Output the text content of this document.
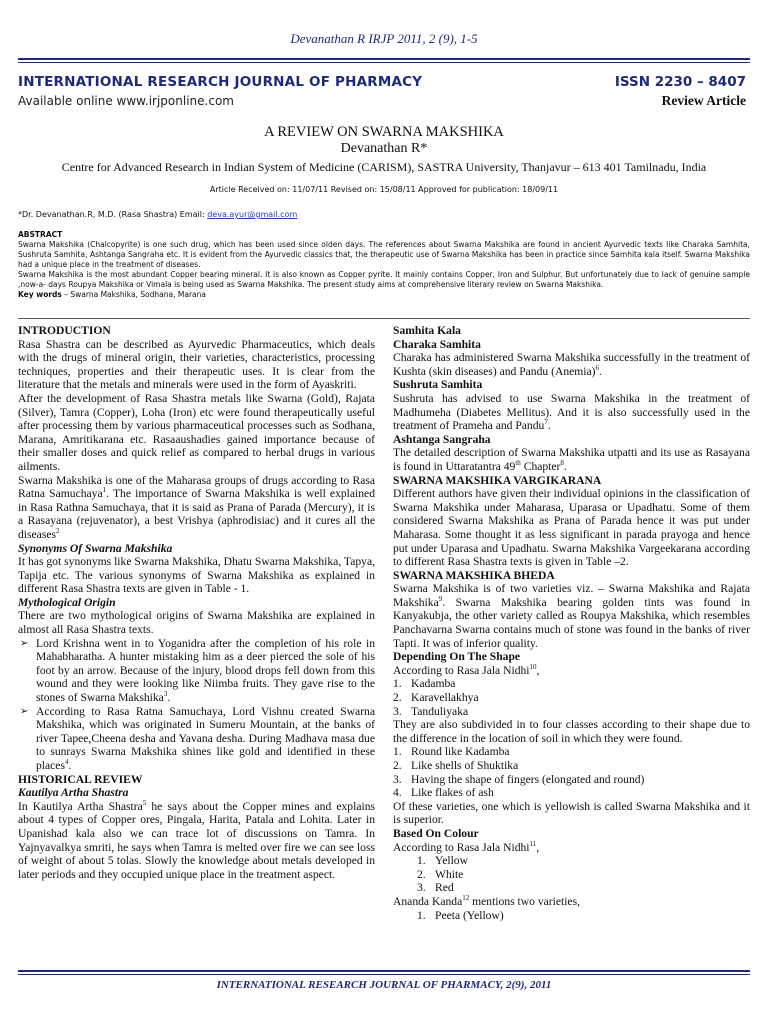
Devanathan R IRJP 2011, 2 (9), 1-5
INTERNATIONAL RESEARCH JOURNAL OF PHARMACY	ISSN 2230 – 8407
Available online www.irjponline.com	Review Article
A REVIEW ON SWARNA MAKSHIKA
Devanathan R*
Centre for Advanced Research in Indian System of Medicine (CARISM), SASTRA University, Thanjavur – 613 401 Tamilnadu, India
Article Received on: 11/07/11 Revised on: 15/08/11 Approved for publication: 18/09/11
*Dr. Devanathan.R, M.D. (Rasa Shastra) Email: deva.ayur@gmail.com

ABSTRACT

Swarna Makshika (Chalcopyrite) is one such drug, which has been used since olden days. The references about Swarna Makshika are found in ancient Ayurvedic texts like Charaka Samhita, Sushruta Samhita, Ashtanga Sangraha etc. It is evident from the Ayurvedic classics that, the therapeutic use of Swarna Makshika has been in practice since Samhita kala itself. Swarna Makshika had a unique place in the treatment of diseases.

Swarna Makshika is the most abundant Copper bearing mineral. It is also known as Copper pyrite. It mainly contains Copper, Iron and Sulphur. But unfortunately due to lack of genuine sample ,now-a- days Roupya Makshika or Vimala is being used as Swarna Makshika. The present study aims at comprehensive literary review on Swarna Makshika.

Key words – Swarna Makshika, Sodhana, Marana

INTRODUCTION

Rasa Shastra can be described as Ayurvedic Pharmaceutics, which deals with the drugs of mineral origin, their varieties, characteristics, processing techniques, properties and their therapeutic uses. It is clear from the literature that the metals and minerals were used in the form of Ayaskriti.

After the development of Rasa Shastra metals like Swarna (Gold), Rajata (Silver), Tamra (Copper), Loha (Iron) etc were found therapeutically useful after processing them by various pharmaceutical processes such as Sodhana, Marana, Amritikarana etc. Rasaaushadies gained importance because of their smaller doses and quick relief as compared to herbal drugs in various ailments.

Swarna Makshika is one of the Maharasa groups of drugs according to Rasa Ratna Samuchaya$^1$. The importance of Swarna Makshika is well explained in Rasa Rathna Samuchaya, that it is said as Prana of Parada (Mercury), it is a Rasayana (rejuvenator), a best Vrishya (aphrodisiac) and it cures all the diseases$^2$

Synonyms Of Swarna Makshika

It has got synonyms like Swarna Makshika, Dhatu Swarna Makshika, Tapya, Tapija etc. The various synonyms of Swarna Makshika as explained in different Rasa Shastra texts are given in Table - 1.

Mythological Origin

There are two mythological origins of Swarna Makshika are explained in almost all Rasa Shastra texts.

➢ Lord Krishna went in to Yoganidra after the completion of his role in Mahabharatha. A hunter mistaking him as a deer pierced the sole of his foot by an arrow. Because of the injury, blood drops fell down from this wound and they were looking like Niimba fruits. They gave rise to the stones of Swarna Makshika$^3$.
➢ According to Rasa Ratna Samuchaya, Lord Vishnu created Swarna Makshika, which was originated in Sumeru Mountain, at the banks of river Tapee,Cheena desha and Yavana desha. During Madhava masa due to sunrays Swarna Makshika shines like gold and identified in these places$^4$.

HISTORICAL REVIEW

Kautilya Artha Shastra

In Kautilya Artha Shastra$^5$ he says about the Copper mines and explains about 4 types of Copper ores, Pingala, Harita, Patala and Lohita. Later in Upanishad kala also we can trace lot of discussions on Tamra. In Yajnyavalkya smriti, he says when Tamra is melted over fire we can see loss of weight of about 5 tolas. Slowly the knowledge about metals developed in later periods and they occupied unique place in the treatment aspect.

Samhita Kala

Charaka Samhita

Charaka has administered Swarna Makshika successfully in the treatment of Kushta (skin diseases) and Pandu (Anemia)$^6$.

Sushruta Samhita

Sushruta has advised to use Swarna Makshika in the treatment of Madhumeha (Diabetes Mellitus). And it is also successfully used in the treatment of Prameha and Pandu$^7$.

Ashtanga Sangraha

The detailed description of Swarna Makshika utpatti and its use as Rasayana is found in Uttaratantra 49th Chapter$^8$.

SWARNA MAKSHIKA VARGIKARANA

Different authors have given their individual opinions in the classification of Swarna Makshika under Maharasa, Uparasa or Upadhatu. Some of them considered Swarna Makshika as Prana of Parada hence it was put under Maharasa. Some thought it as less significant in parada prayoga and hence put under Uparasa and Upadhatu. Swarna Makshika Vargeekarana according to different Rasa Shastra texts is given in Table –2.

SWARNA MAKSHIKA BHEDA

Swarna Makshika is of two varieties viz. – Swarna Makshika and Rajata Makshika$^9$. Swarna Makshika bearing golden tints was found in Kanyakubja, the other variety called as Roupya Makshika, which resembles Panchavarna Swarna contains much of stone was found in the banks of river Tapti. It was of inferior quality.

Depending On The Shape

According to Rasa Jala Nidhi$^{10}$,

1. Kadamba
2. Karavellakhya
3. Tanduliyaka

They are also subdivided in to four classes according to their shape due to the difference in the location of soil in which they were found.

1. Round like Kadamba
2. Like shells of Shuktika
3. Having the shape of fingers (elongated and round)
4. Like flakes of ash

Of these varieties, one which is yellowish is called Swarna Makshika and it is superior.

Based On Colour

According to Rasa Jala Nidhi$^{11}$,

1. Yellow
2. White
3. Red

Ananda Kanda$^{12}$ mentions two varieties,

1. Peeta (Yellow)
INTERNATIONAL RESEARCH JOURNAL OF PHARMACY, 2(9), 2011
